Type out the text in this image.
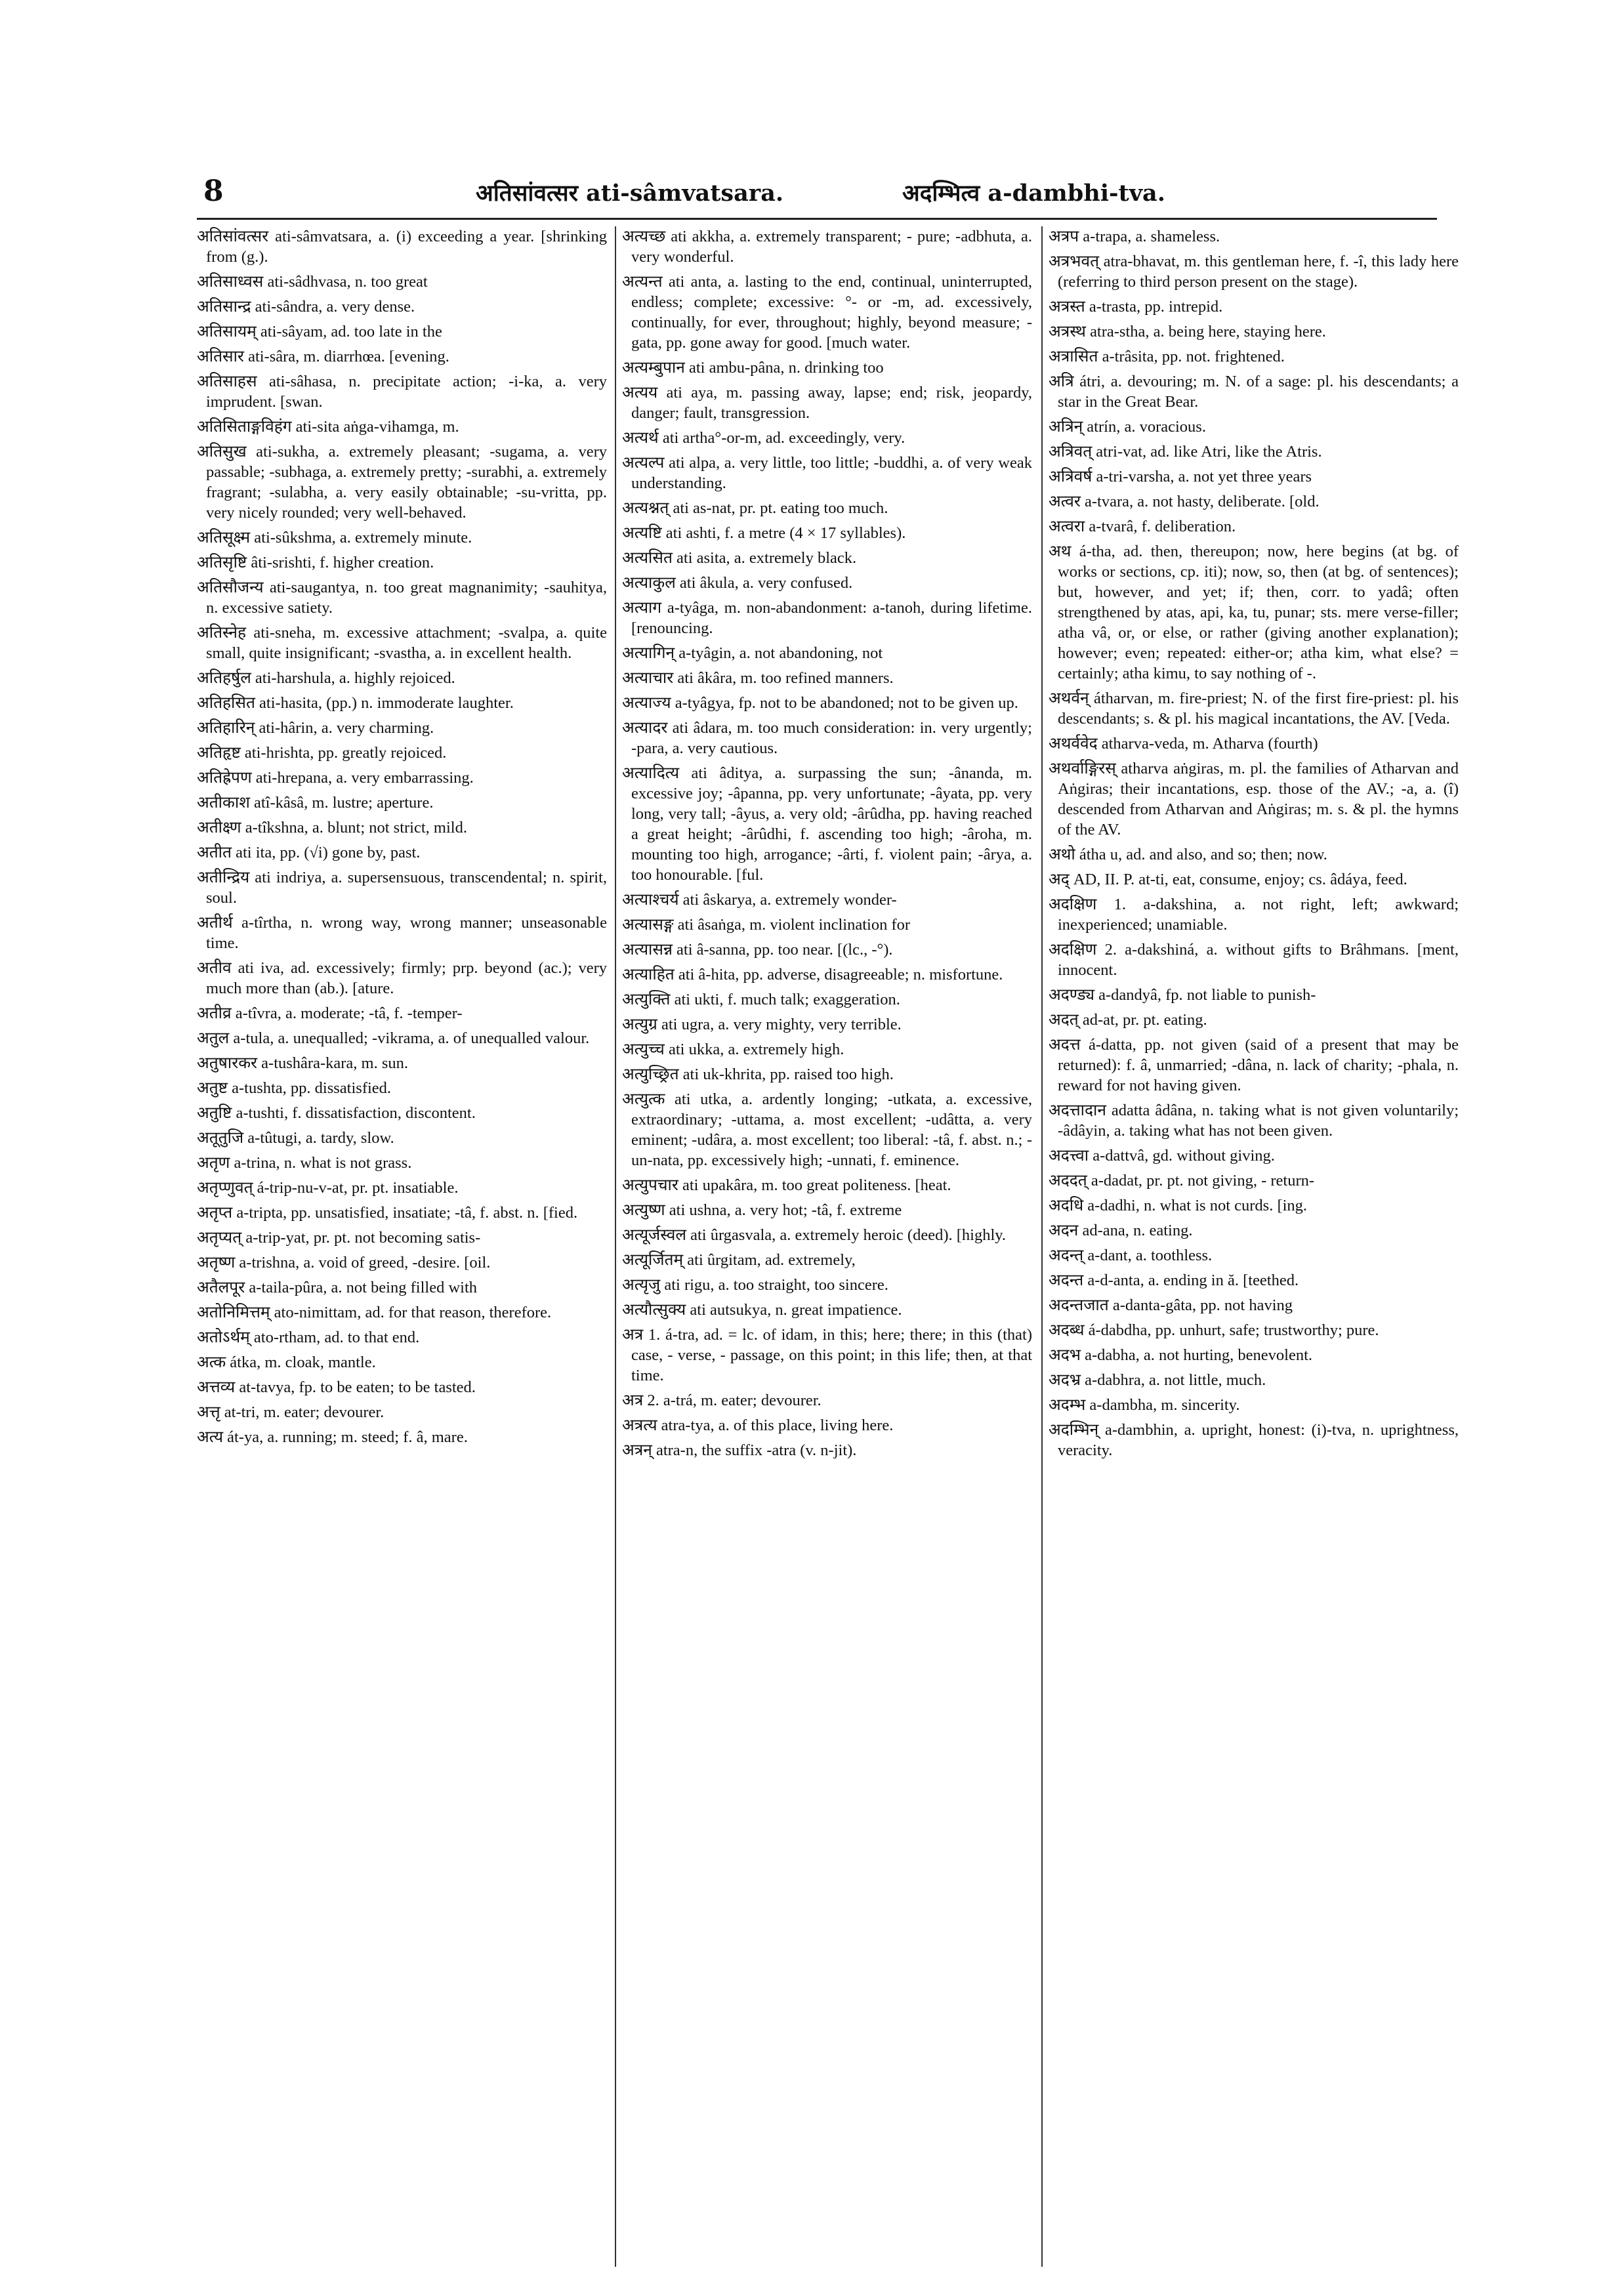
8	अतिसांवत्सर ati-sâmvatsara.	अदम्भित्व a-dambhi-tva.
अतिसांवत्सर ati-sâmvatsara, a. (i) exceeding a year. [shrinking from (g.).
अतिसाध्वस ati-sâdhvasa, n. too great
अतिसान्द्र ati-sândra, a. very dense.
अतिसायम् ati-sâyam, ad. too late in the
अतिसार ati-sâra, m. diarrhœa. [evening.
अतिसाहस ati-sâhasa, n. precipitate action; -i-ka, a. very imprudent. [swan.
अतिसिताङ्गविहंग ati-sita aṅga-vihamga, m.
अतिसुख ati-sukha, a. extremely pleasant; -sugama, a. very passable; -subhaga, a. extremely pretty; -surabhi, a. extremely fragrant; -sulabha, a. very easily obtainable; -su-vritta, pp. very nicely rounded; very well-behaved.
अतिसूक्ष्म ati-sûkshma, a. extremely minute.
अतिसृष्टि âti-srishti, f. higher creation.
अतिसौजन्य ati-saugantya, n. too great magnanimity; -sauhitya, n. excessive satiety.
अतिस्नेह ati-sneha, m. excessive attachment; -svalpa, a. quite small, quite insignificant; -svastha, a. in excellent health.
अतिहर्षुल ati-harshula, a. highly rejoiced.
अतिहसित ati-hasita, (pp.) n. immoderate laughter.
अतिहारिन् ati-hârin, a. very charming.
अतिहृष्ट ati-hrishta, pp. greatly rejoiced.
अतिह्रेपण ati-hrepana, a. very embarrassing.
अतीकाश atî-kâsâ, m. lustre; aperture.
अतीक्ष्ण a-tîkshna, a. blunt; not strict, mild.
अतीत ati ita, pp. (√i) gone by, past.
अतीन्द्रिय ati indriya, a. supersensuous, transcendental; n. spirit, soul.
अतीर्थ a-tîrtha, n. wrong way, wrong manner; unseasonable time.
अतीव ati iva, ad. excessively; firmly; prp. beyond (ac.); very much more than (ab.). [ature.
अतीव्र a-tîvra, a. moderate; -tâ, f. -temper-
अतुल a-tula, a. unequalled; -vikrama, a. of unequalled valour.
अतुषारकर a-tushâra-kara, m. sun.
अतुष्ट a-tushta, pp. dissatisfied.
अतुष्टि a-tushti, f. dissatisfaction, discontent.
अतूतुजि a-tûtugi, a. tardy, slow.
अतृण a-trina, n. what is not grass.
अतृप्णुवत् á-trip-nu-v-at, pr. pt. insatiable.
अतृप्त a-tripta, pp. unsatisfied, insatiate; -tâ, f. abst. n. [fied.
अतृप्यत् a-trip-yat, pr. pt. not becoming satis-
अतृष्ण a-trishna, a. void of greed, -desire. [oil.
अतैलपूर a-taila-pûra, a. not being filled with
अतोनिमित्तम् ato-nimittam, ad. for that reason, therefore.
अतोऽर्थम् ato-rtham, ad. to that end.
अत्क átka, m. cloak, mantle.
अत्तव्य at-tavya, fp. to be eaten; to be tasted.
अत्तृ at-tri, m. eater; devourer.
अत्य át-ya, a. running; m. steed; f. â, mare.
अत्यच्छ ati akkha, a. extremely transparent; - pure; -adbhuta, a. very wonderful.
अत्यन्त ati anta, a. lasting to the end, continual, uninterrupted, endless; complete; excessive: °- or -m, ad. excessively, continually, for ever, throughout; highly, beyond measure; -gata, pp. gone away for good. [much water.
अत्यम्बुपान ati ambu-pâna, n. drinking too
अत्यय ati aya, m. passing away, lapse; end; risk, jeopardy, danger; fault, transgression.
अत्यर्थ ati artha°-or-m, ad. exceedingly, very.
अत्यल्प ati alpa, a. very little, too little; -buddhi, a. of very weak understanding.
अत्यश्नत् ati as-nat, pr. pt. eating too much.
अत्यष्टि ati ashti, f. a metre (4 × 17 syllables).
अत्यसित ati asita, a. extremely black.
अत्याकुल ati âkula, a. very confused.
अत्याग a-tyâga, m. non-abandonment: a-tanoh, during lifetime. [renouncing.
अत्यागिन् a-tyâgin, a. not abandoning, not
अत्याचार ati âkâra, m. too refined manners.
अत्याज्य a-tyâgya, fp. not to be abandoned; not to be given up.
अत्यादर ati âdara, m. too much consideration: in. very urgently; -para, a. very cautious.
अत्यादित्य ati âditya, a. surpassing the sun; -ânanda, m. excessive joy; -âpanna, pp. very unfortunate; -âyata, pp. very long, very tall; -âyus, a. very old; -ârûdha, pp. having reached a great height; -ârûdhi, f. ascending too high; -âroha, m. mounting too high, arrogance; -ârti, f. violent pain; -ârya, a. too honourable. [ful.
अत्याश्चर्य ati âskarya, a. extremely wonder-
अत्यासङ्ग ati âsaṅga, m. violent inclination for
अत्यासन्न ati â-sanna, pp. too near. [(lc., -°).
अत्याहित ati â-hita, pp. adverse, disagreeable; n. misfortune.
अत्युक्ति ati ukti, f. much talk; exaggeration.
अत्युग्र ati ugra, a. very mighty, very terrible.
अत्युच्च ati ukka, a. extremely high.
अत्युच्छ्रित ati uk-khrita, pp. raised too high.
अत्युत्क ati utka, a. ardently longing; -utkata, a. excessive, extraordinary; -uttama, a. most excellent; -udâtta, a. very eminent; -udâra, a. most excellent; too liberal: -tâ, f. abst. n.; -un-nata, pp. excessively high; -unnati, f. eminence.
अत्युपचार ati upakâra, m. too great politeness. [heat.
अत्युष्ण ati ushna, a. very hot; -tâ, f. extreme
अत्यूर्जस्वल ati ûrgasvala, a. extremely heroic (deed). [highly.
अत्यूर्जितम् ati ûrgitam, ad. extremely,
अत्यृजु ati rigu, a. too straight, too sincere.
अत्यौत्सुक्य ati autsukya, n. great impatience.
अत्र 1. á-tra, ad. = lc. of idam, in this; here; there; in this (that) case, - verse, - passage, on this point; in this life; then, at that time.
अत्र 2. a-trá, m. eater; devourer.
अत्रत्य atra-tya, a. of this place, living here.
अत्रन् atra-n, the suffix -atra (v. n-jit).
अत्रप a-trapa, a. shameless.
अत्रभवत् atra-bhavat, m. this gentleman here, f. -î, this lady here (referring to third person present on the stage).
अत्रस्त a-trasta, pp. intrepid.
अत्रस्थ atra-stha, a. being here, staying here.
अत्रासित a-trâsita, pp. not. frightened.
अत्रि átri, a. devouring; m. N. of a sage: pl. his descendants; a star in the Great Bear.
अत्रिन् atrín, a. voracious.
अत्रिवत् atri-vat, ad. like Atri, like the Atris.
अत्रिवर्ष a-tri-varsha, a. not yet three years
अत्वर a-tvara, a. not hasty, deliberate. [old.
अत्वरा a-tvarâ, f. deliberation.
अथ á-tha, ad. then, thereupon; now, here begins (at bg. of works or sections, cp. iti); now, so, then (at bg. of sentences); but, however, and yet; if; then, corr. to yadâ; often strengthened by atas, api, ka, tu, punar; sts. mere verse-filler; atha vâ, or, or else, or rather (giving another explanation); however; even; repeated: either-or; atha kim, what else? = certainly; atha kimu, to say nothing of -.
अथर्वन् átharvan, m. fire-priest; N. of the first fire-priest: pl. his descendants; s. & pl. his magical incantations, the AV. [Veda.
अथर्ववेद atharva-veda, m. Atharva (fourth)
अथर्वाङ्गिरस् atharva aṅgiras, m. pl. the families of Atharvan and Aṅgiras; their incantations, esp. those of the AV.; -a, a. (î) descended from Atharvan and Aṅgiras; m. s. & pl. the hymns of the AV.
अथो átha u, ad. and also, and so; then; now.
अद् AD, II. P. at-ti, eat, consume, enjoy; cs. âdáya, feed.
अदक्षिण 1. a-dakshina, a. not right, left; awkward; inexperienced; unamiable.
अदक्षिण 2. a-dakshiná, a. without gifts to Brâhmans. [ment, innocent.
अदण्ड्य a-dandyâ, fp. not liable to punish-
अदत् ad-at, pr. pt. eating.
अदत्त á-datta, pp. not given (said of a present that may be returned): f. â, unmarried; -dâna, n. lack of charity; -phala, n. reward for not having given.
अदत्तादान adatta âdâna, n. taking what is not given voluntarily; -âdâyin, a. taking what has not been given.
अदत्त्वा a-dattvâ, gd. without giving.
अददत् a-dadat, pr. pt. not giving, - return-
अदधि a-dadhi, n. what is not curds. [ing.
अदन ad-ana, n. eating.
अदन्त् a-dant, a. toothless.
अदन्त a-d-anta, a. ending in ă. [teethed.
अदन्तजात a-danta-gâta, pp. not having
अदब्ध á-dabdha, pp. unhurt, safe; trustworthy; pure.
अदभ a-dabha, a. not hurting, benevolent.
अदभ्र a-dabhra, a. not little, much.
अदम्भ a-dambha, m. sincerity.
अदम्भिन् a-dambhin, a. upright, honest: (i)-tva, n. uprightness, veracity.
